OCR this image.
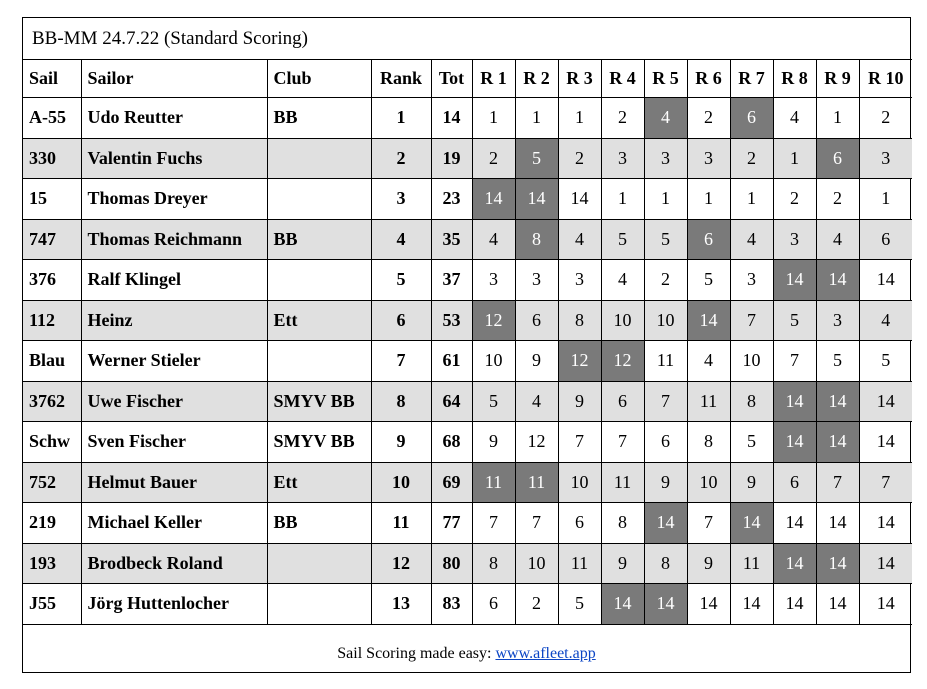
BB-MM 24.7.22 (Standard Scoring)
Sail	Sailor	Club	Rank	Tot	R 1	R 2	R 3	R 4	R 5	R 6	R 7	R 8	R 9	R 10
A-55	Udo Reutter	BB	1	14	1	1	1	2	4	2	6	4	1	2
330	Valentin Fuchs		2	19	2	5	2	3	3	3	2	1	6	3
15	Thomas Dreyer		3	23	14	14	14	1	1	1	1	2	2	1
747	Thomas Reichmann	BB	4	35	4	8	4	5	5	6	4	3	4	6
376	Ralf Klingel		5	37	3	3	3	4	2	5	3	14	14	14
112	Heinz	Ett	6	53	12	6	8	10	10	14	7	5	3	4
Blau	Werner Stieler		7	61	10	9	12	12	11	4	10	7	5	5
3762	Uwe Fischer	SMYV BB	8	64	5	4	9	6	7	11	8	14	14	14
Schw	Sven Fischer	SMYV BB	9	68	9	12	7	7	6	8	5	14	14	14
752	Helmut Bauer	Ett	10	69	11	11	10	11	9	10	9	6	7	7
219	Michael Keller	BB	11	77	7	7	6	8	14	7	14	14	14	14
193	Brodbeck Roland		12	80	8	10	11	9	8	9	11	14	14	14
J55	Jörg Huttenlocher		13	83	6	2	5	14	14	14	14	14	14	14
Sail Scoring made easy: www.afleet.app
